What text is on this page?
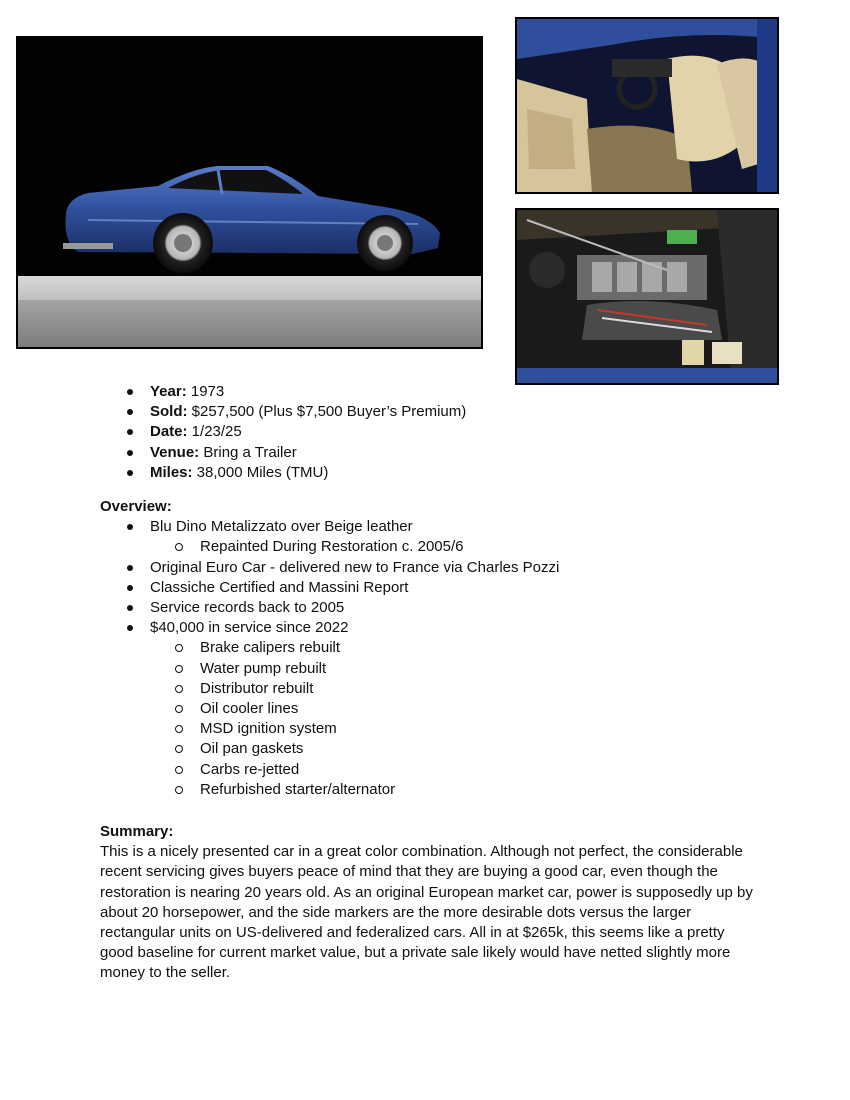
Year: 1973
Sold: $257,500 (Plus $7,500 Buyer’s Premium)
Date: 1/23/25
Venue: Bring a Trailer
Miles: 38,000 Miles (TMU)

Overview:

Blu Dino Metalizzato over Beige leather
Repainted During Restoration c. 2005/6
Original Euro Car - delivered new to France via Charles Pozzi
Classiche Certified and Massini Report
Service records back to 2005
$40,000 in service since 2022
Brake calipers rebuilt
Water pump rebuilt
Distributor rebuilt
Oil cooler lines
MSD ignition system
Oil pan gaskets
Carbs re-jetted
Refurbished starter/alternator

Summary:

This is a nicely presented car in a great color combination. Although not perfect, the considerable recent servicing gives buyers peace of mind that they are buying a good car, even though the restoration is nearing 20 years old. As an original European market car, power is supposedly up by about 20 horsepower, and the side markers are the more desirable dots versus the larger rectangular units on US-delivered and federalized cars. All in at $265k, this seems like a pretty good baseline for current market value, but a private sale likely would have netted slightly more money to the seller.
